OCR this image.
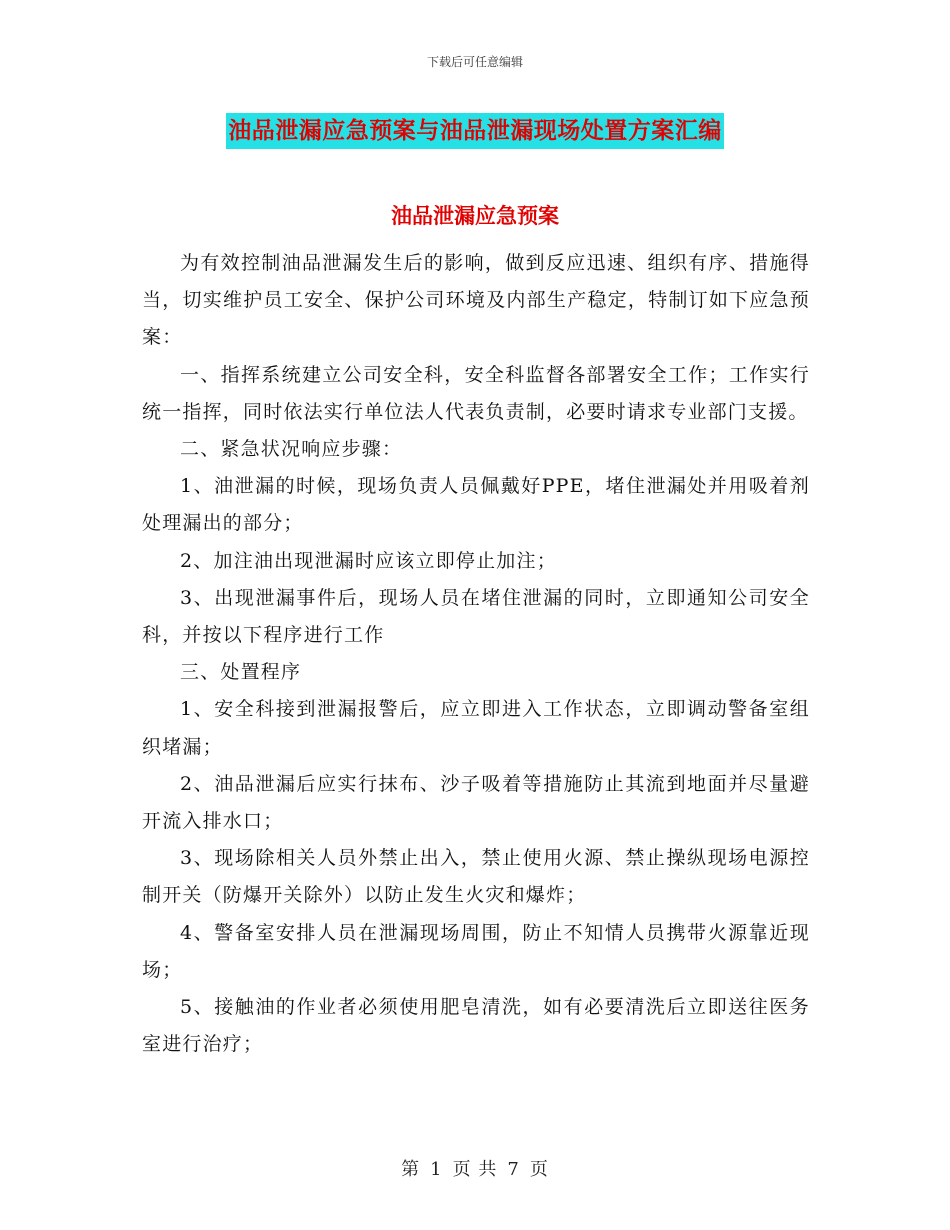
下载后可任意编辑
油品泄漏应急预案与油品泄漏现场处置方案汇编
油品泄漏应急预案

为有效控制油品泄漏发生后的影响，做到反应迅速、组织有序、措施得当，切实维护员工安全、保护公司环境及内部生产稳定，特制订如下应急预案：

一、指挥系统建立公司安全科，安全科监督各部署安全工作；工作实行统一指挥，同时依法实行单位法人代表负责制，必要时请求专业部门支援。

二、紧急状况响应步骤：

1、油泄漏的时候，现场负责人员佩戴好PPE，堵住泄漏处并用吸着剂处理漏出的部分；

2、加注油出现泄漏时应该立即停止加注；

3、出现泄漏事件后，现场人员在堵住泄漏的同时，立即通知公司安全科，并按以下程序进行工作

三、处置程序

1、安全科接到泄漏报警后，应立即进入工作状态，立即调动警备室组织堵漏；

2、油品泄漏后应实行抹布、沙子吸着等措施防止其流到地面并尽量避开流入排水口；

3、现场除相关人员外禁止出入，禁止使用火源、禁止操纵现场电源控制开关（防爆开关除外）以防止发生火灾和爆炸；

4、警备室安排人员在泄漏现场周围，防止不知情人员携带火源靠近现场；

5、接触油的作业者必须使用肥皂清洗，如有必要清洗后立即送往医务室进行治疗；

第 1 页 共 7 页
